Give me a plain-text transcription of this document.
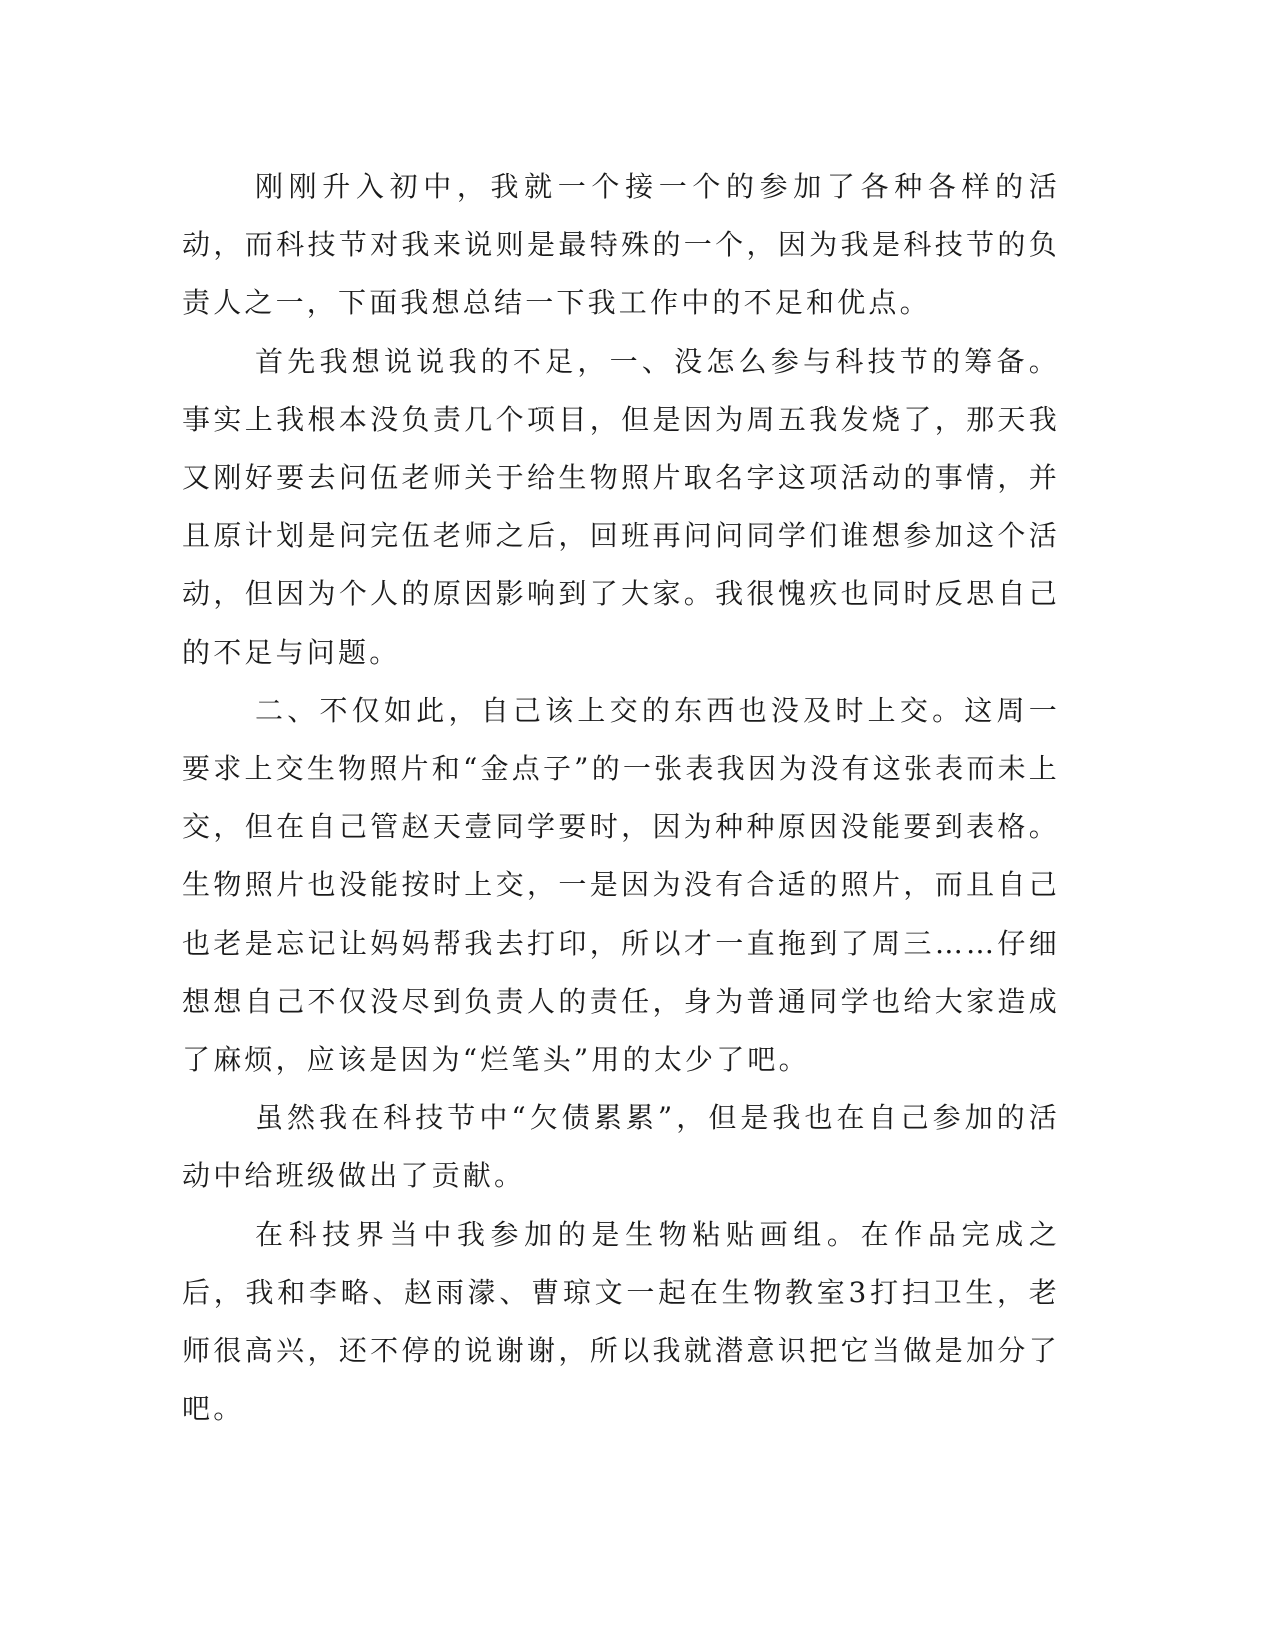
刚刚升入初中，我就一个接一个的参加了各种各样的活动，而科技节对我来说则是最特殊的一个，因为我是科技节的负责人之一，下面我想总结一下我工作中的不足和优点。

首先我想说说我的不足，一、没怎么参与科技节的筹备。事实上我根本没负责几个项目，但是因为周五我发烧了，那天我又刚好要去问伍老师关于给生物照片取名字这项活动的事情，并且原计划是问完伍老师之后，回班再问问同学们谁想参加这个活动，但因为个人的原因影响到了大家。我很愧疚也同时反思自己的不足与问题。

二、不仅如此，自己该上交的东西也没及时上交。这周一要求上交生物照片和“金点子”的一张表我因为没有这张表而未上交，但在自己管赵天壹同学要时，因为种种原因没能要到表格。生物照片也没能按时上交，一是因为没有合适的照片，而且自己也老是忘记让妈妈帮我去打印，所以才一直拖到了周三……仔细想想自己不仅没尽到负责人的责任，身为普通同学也给大家造成了麻烦，应该是因为“烂笔头”用的太少了吧。

虽然我在科技节中“欠债累累”，但是我也在自己参加的活动中给班级做出了贡献。

在科技界当中我参加的是生物粘贴画组。在作品完成之后，我和李略、赵雨濛、曹琼文一起在生物教室3打扫卫生，老师很高兴，还不停的说谢谢，所以我就潜意识把它当做是加分了吧。
